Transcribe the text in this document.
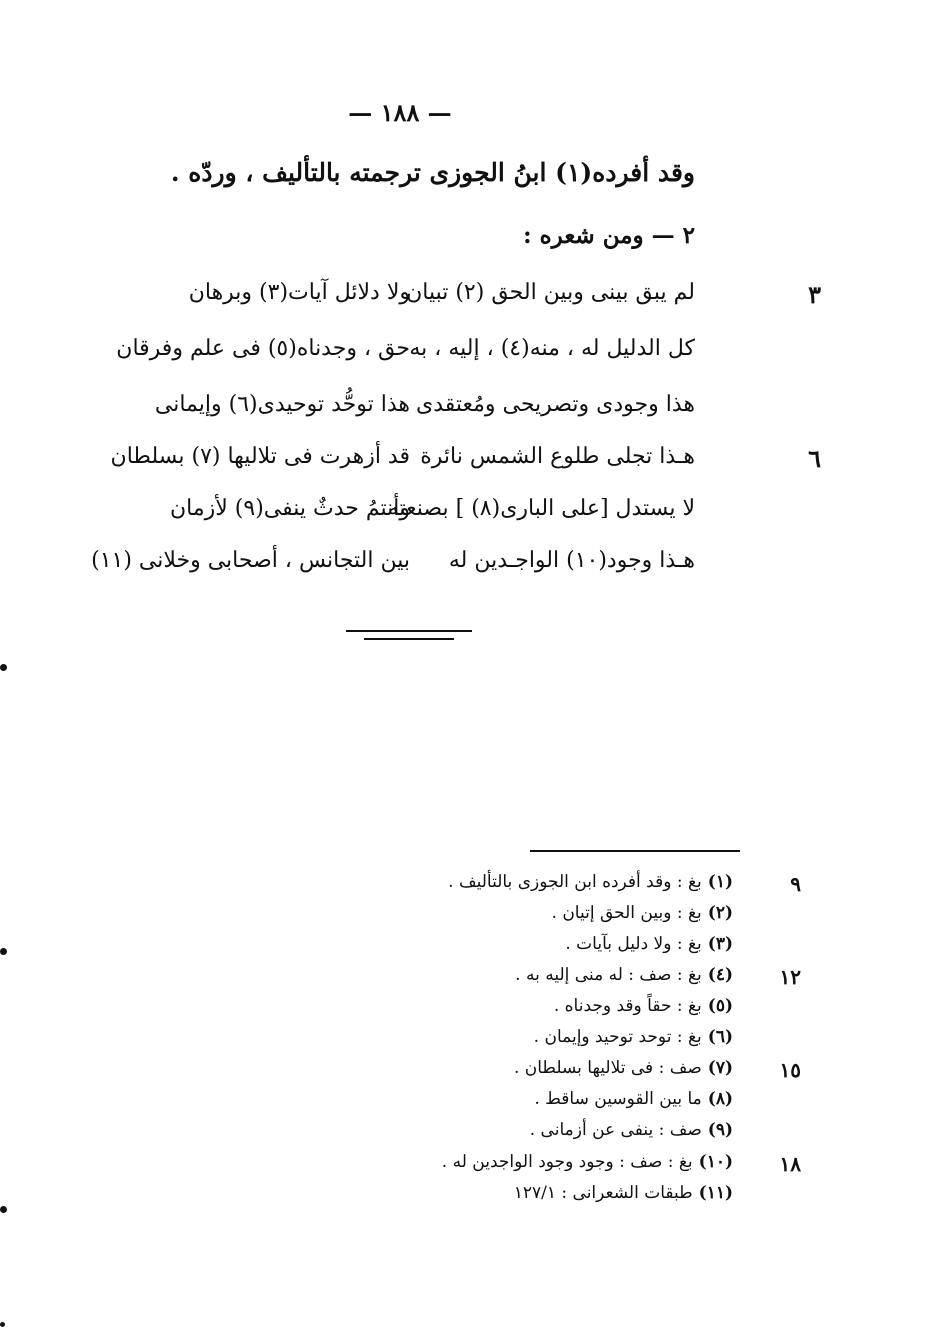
— ١٨٨ —
وقد أفرده(١) ابنُ الجوزى ترجمته بالتأليف ، وردّه .
٢ — ومن شعره :
٣
لم يبق بينى وبين الحق (٢) تبيان
ولا دلائل آيات(٣) وبرهان
كل الدليل له ، منه(٤) ، إليه ، به
حق ، وجدناه(٥) فى علم وفرقان
هذا وجودى وتصريحى ومُعتقدى
هذا توحُّد توحيدى(٦) وإيمانى
٦
هـذا تجلى طلوع الشمس نائرة
قد أزهرت فى تلاليها (٧) بسلطان
لا يستدل [على البارى(٨) ] بصنعته
وأنتمُ حدثٌ ينفى(٩) لأزمان
هـذا وجود(١٠) الواجـدين له
بين التجانس ، أصحابى وخلانى (١١)
٩
(١)بغ : وقد أفرده ابن الجوزى بالتأليف .
(٢)بغ : وبين الحق إتيان .
(٣)بغ : ولا دليل بآيات .
١٢
(٤)بغ : صف : له منى إليه به .
(٥)بغ : حقاً وقد وجدناه .
(٦)بغ : توحد توحيد وإيمان .
١٥
(٧)صف : فى تلاليها بسلطان .
(٨)ما بين القوسين ساقط .
(٩)صف : ينفى عن أزمانى .
١٨
(١٠)بغ : صف : وجود وجود الواجدين له .
(١١)طبقات الشعرانى : ١٢٧/١
